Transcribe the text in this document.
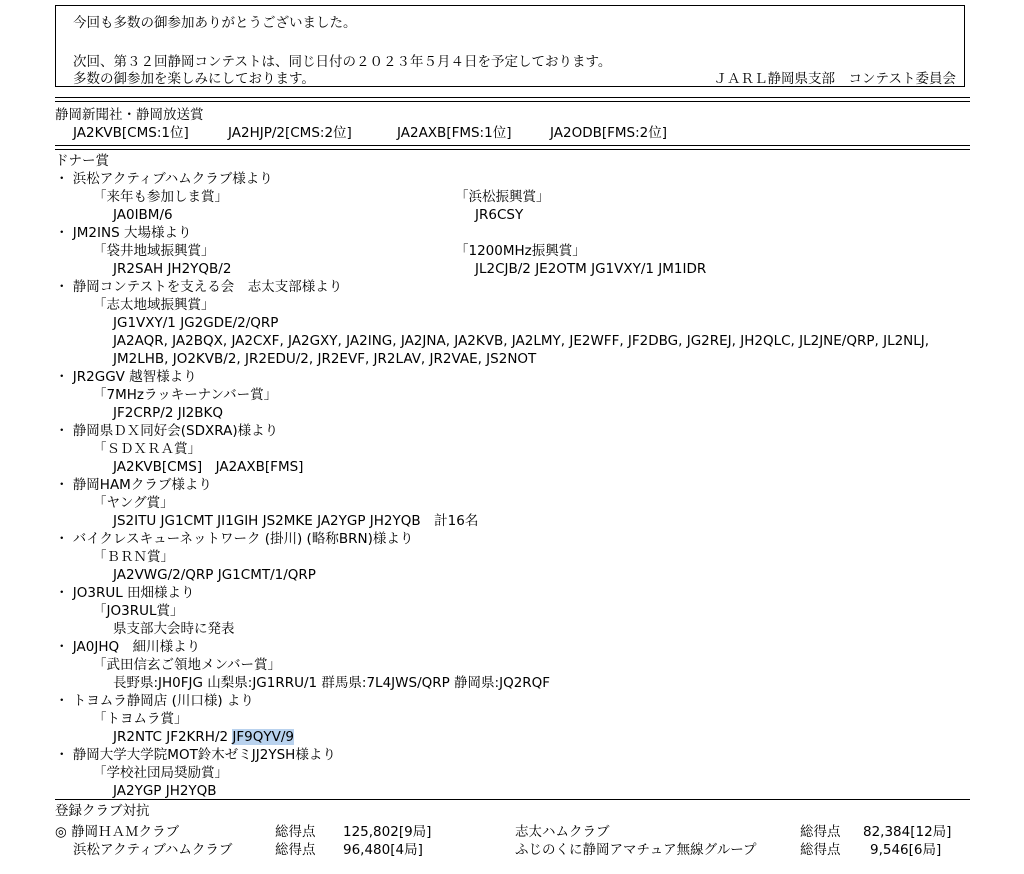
今回も多数の御参加ありがとうございました。
次回、第３２回静岡コンテストは、同じ日付の２０２３年５月４日を予定しております。
多数の御参加を楽しみにしております。	ＪＡＲＬ静岡県支部　コンテスト委員会
静岡新聞社・静岡放送賞
JA2KVB[CMS:1位]	JA2HJP/2[CMS:2位]	JA2AXB[FMS:1位]	JA2ODB[FMS:2位]
ドナー賞
・ 浜松アクティブハムクラブ様より
「来年も参加しま賞」
JA0IBM/6
「浜松振興賞」
JR6CSY
・ JM2INS 大場様より
「袋井地域振興賞」
JR2SAH JH2YQB/2
「1200MHz振興賞」
JL2CJB/2 JE2OTM JG1VXY/1 JM1IDR
・ 静岡コンテストを支える会　志太支部様より
「志太地域振興賞」
JG1VXY/1 JG2GDE/2/QRP
JA2AQR, JA2BQX, JA2CXF, JA2GXY, JA2ING, JA2JNA, JA2KVB, JA2LMY, JE2WFF, JF2DBG, JG2REJ, JH2QLC, JL2JNE/QRP, JL2NLJ,
JM2LHB, JO2KVB/2, JR2EDU/2, JR2EVF, JR2LAV, JR2VAE, JS2NOT
・ JR2GGV 越智様より
「7MHzラッキーナンバー賞」
JF2CRP/2 JI2BKQ
・ 静岡県ＤＸ同好会(SDXRA)様より
「ＳＤＸＲＡ賞」
JA2KVB[CMS]　JA2AXB[FMS]
・ 静岡HAMクラブ様より
「ヤング賞」
JS2ITU JG1CMT JI1GIH JS2MKE JA2YGP JH2YQB　計16名
・ バイクレスキューネットワーク (掛川) (略称BRN)様より
「ＢＲＮ賞」
JA2VWG/2/QRP JG1CMT/1/QRP
・ JO3RUL 田畑様より
「JO3RUL賞」
県支部大会時に発表
・ JA0JHQ　細川様より
「武田信玄ご領地メンバー賞」
長野県:JH0FJG 山梨県:JG1RRU/1 群馬県:7L4JWS/QRP 静岡県:JQ2RQF
・ トヨムラ静岡店 (川口様) より
「トヨムラ賞」
JR2NTC JF2KRH/2 JF9QYV/9
・ 静岡大学大学院MOT鈴木ゼミJJ2YSH様より
「学校社団局奨励賞」
JA2YGP JH2YQB
登録クラブ対抗
◎ 静岡ＨＡＭクラブ	総得点 125,802[9局]	志太ハムクラブ	総得点 82,384[12局]
浜松アクティブハムクラブ	総得点 96,480[4局]	ふじのくに静岡アマチュア無線グループ	総得点 9,546[6局]
